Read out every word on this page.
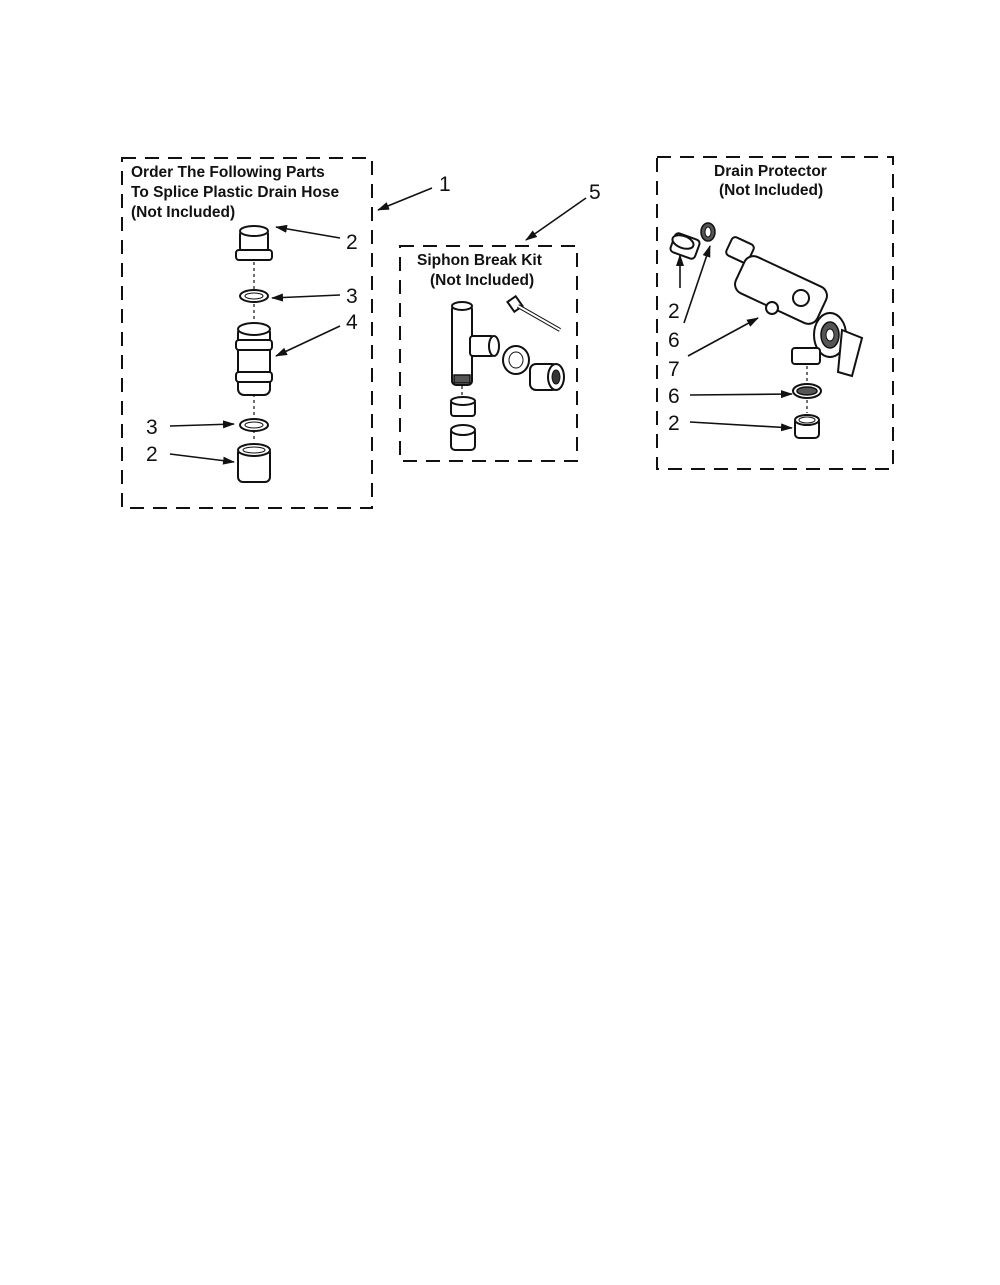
Order The Following Parts
To Splice Plastic Drain Hose
(Not Included)
2
3
4
3
2
1
Siphon Break Kit
(Not Included)
5
Drain Protector
(Not Included)
2
6
7
6
2
